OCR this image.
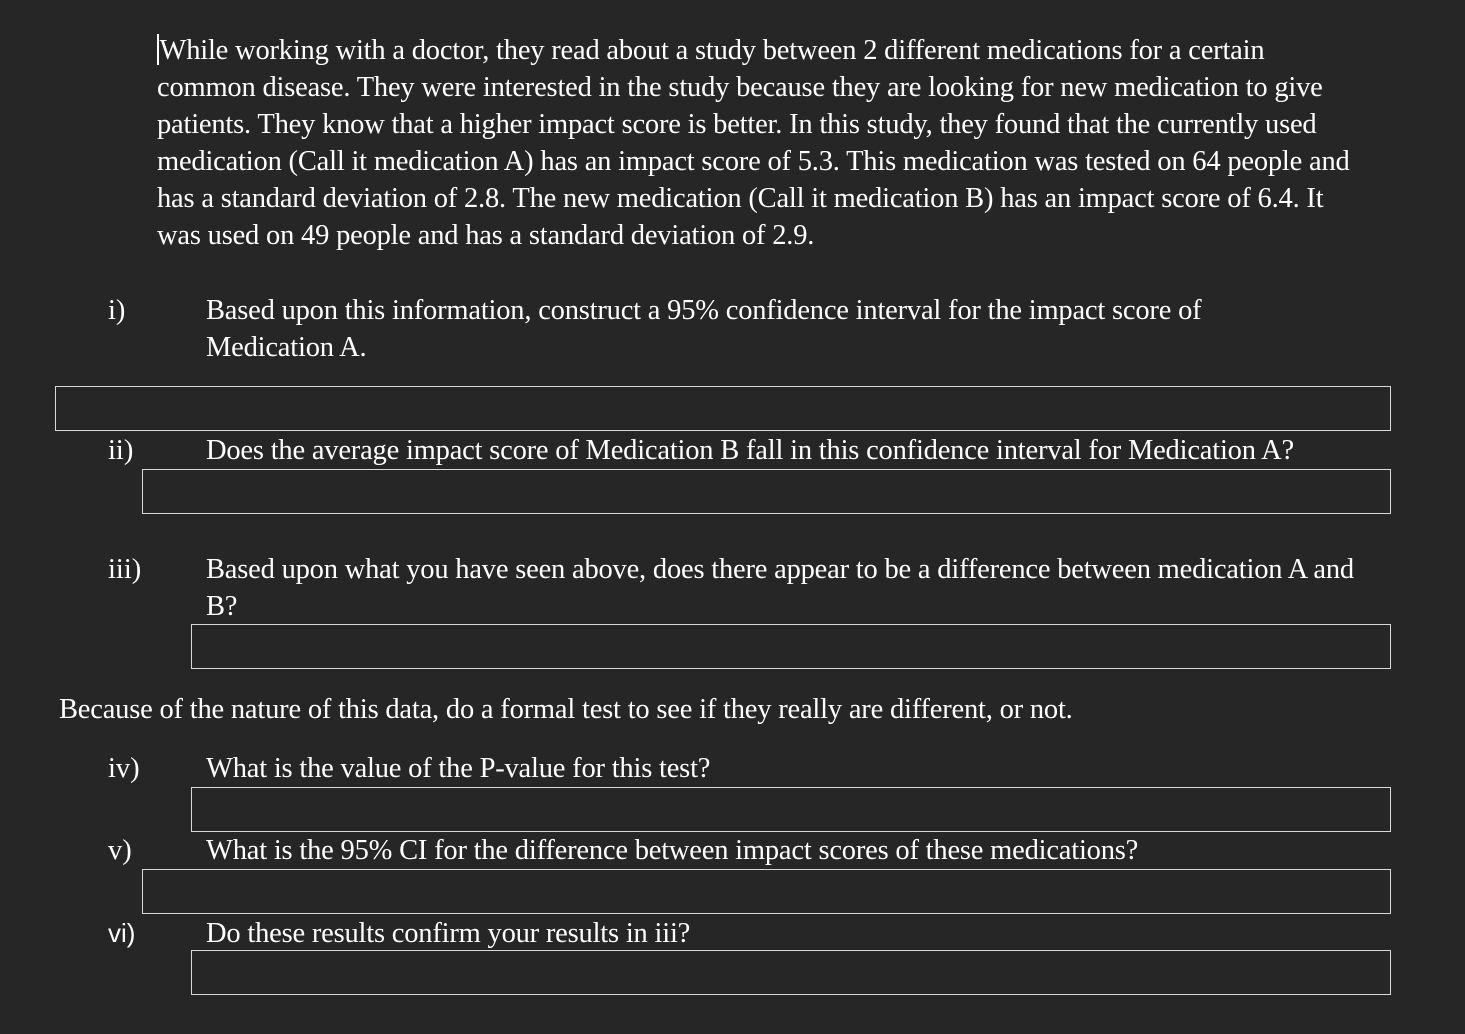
While working with a doctor, they read about a study between 2 different medications for a certain common disease. They were interested in the study because they are looking for new medication to give patients. They know that a higher impact score is better. In this study, they found that the currently used medication (Call it medication A) has an impact score of 5.3. This medication was tested on 64 people and has a standard deviation of 2.8. The new medication (Call it medication B) has an impact score of 6.4. It was used on 49 people and has a standard deviation of 2.9.
i)	Based upon this information, construct a 95% confidence interval for the impact score of Medication A.
ii)	Does the average impact score of Medication B fall in this confidence interval for Medication A?
iii) Based upon what you have seen above, does there appear to be a difference between medication A and B?
Because of the nature of this data, do a formal test to see if they really are different, or not.
iv) What is the value of the P-value for this test?
v)	What is the 95% CI for the difference between impact scores of these medications?
vi) Do these results confirm your results in iii?
